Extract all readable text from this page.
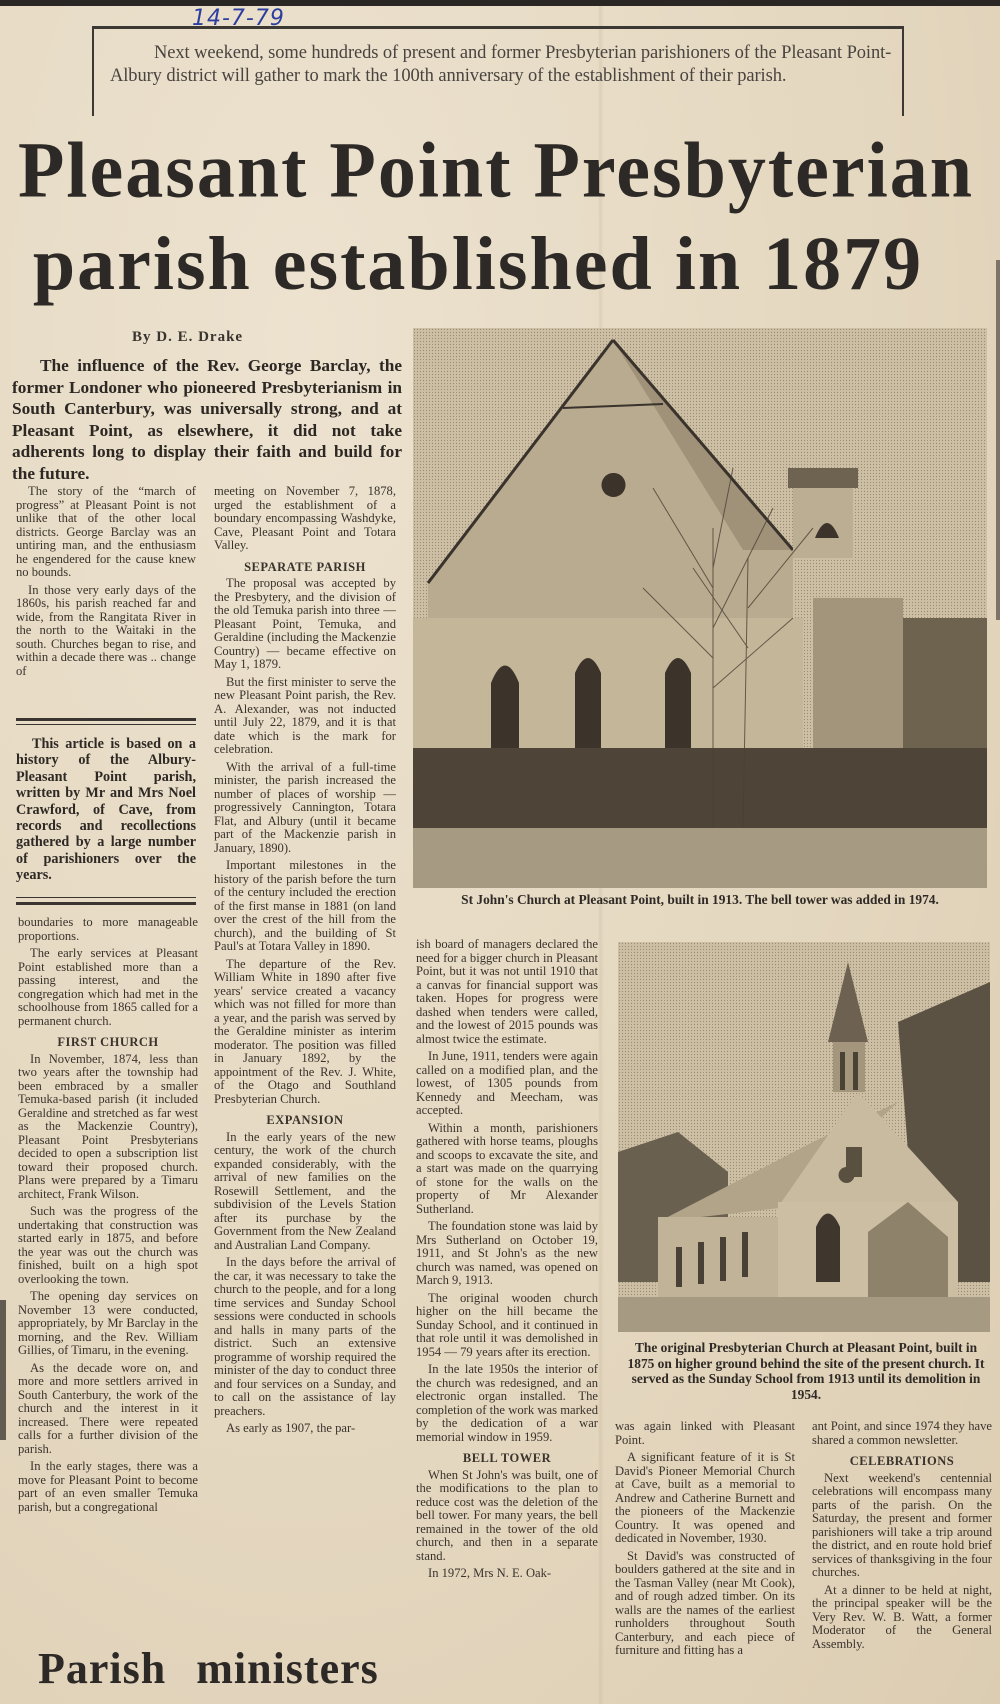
14-7-79
Next weekend, some hundreds of present and former Presbyterian parishioners of the Pleasant Point-Albury district will gather to mark the 100th anniversary of the establishment of their parish.
Pleasant Point Presbyterian
parish established in 1879
By D. E. Drake
The influence of the Rev. George Barclay, the former Londoner who pioneered Presbyterianism in South Canterbury, was universally strong, and at Pleasant Point, as elsewhere, it did not take adherents long to display their faith and build for the future.

The story of the “march of progress” at Pleasant Point is not unlike that of the other local districts. George Barclay was an untiring man, and the enthusiasm he engendered for the cause knew no bounds.

In those very early days of the 1860s, his parish reached far and wide, from the Rangitata River in the north to the Waitaki in the south. Churches began to rise, and within a decade there was .. change of

This article is based on a history of the Albury-Pleasant Point parish, written by Mr and Mrs Noel Crawford, of Cave, from records and recollections gathered by a large number of parishioners over the years.

boundaries to more manageable proportions.

The early services at Pleasant Point established more than a passing interest, and the congregation which had met in the schoolhouse from 1865 called for a permanent church.

FIRST CHURCH

In November, 1874, less than two years after the township had been embraced by a smaller Temuka-based parish (it included Geraldine and stretched as far west as the Mackenzie Country), Pleasant Point Presbyterians decided to open a subscription list toward their proposed church. Plans were prepared by a Timaru architect, Frank Wilson.

Such was the progress of the undertaking that construction was started early in 1875, and before the year was out the church was finished, built on a high spot overlooking the town.

The opening day services on November 13 were conducted, appropriately, by Mr Barclay in the morning, and the Rev. William Gillies, of Timaru, in the evening.

As the decade wore on, and more and more settlers arrived in South Canterbury, the work of the church and the interest in it increased. There were repeated calls for a further division of the parish.

In the early stages, there was a move for Pleasant Point to become part of an even smaller Temuka parish, but a congregational

meeting on November 7, 1878, urged the establishment of a boundary encompassing Washdyke, Cave, Pleasant Point and Totara Valley.

SEPARATE PARISH

The proposal was accepted by the Presbytery, and the division of the old Temuka parish into three — Pleasant Point, Temuka, and Geraldine (including the Mackenzie Country) — became effective on May 1, 1879.

But the first minister to serve the new Pleasant Point parish, the Rev. A. Alexander, was not inducted until July 22, 1879, and it is that date which is the mark for celebration.

With the arrival of a full-time minister, the parish increased the number of places of worship — progressively Cannington, Totara Flat, and Albury (until it became part of the Mackenzie parish in January, 1890).

Important milestones in the history of the parish before the turn of the century included the erection of the first manse in 1881 (on land over the crest of the hill from the church), and the building of St Paul's at Totara Valley in 1890.

The departure of the Rev. William White in 1890 after five years' service created a vacancy which was not filled for more than a year, and the parish was served by the Geraldine minister as interim moderator. The position was filled in January 1892, by the appointment of the Rev. J. White, of the Otago and Southland Presbyterian Church.

EXPANSION

In the early years of the new century, the work of the church expanded considerably, with the arrival of new families on the Rosewill Settlement, and the subdivision of the Levels Station after its purchase by the Government from the New Zealand and Australian Land Company.

In the days before the arrival of the car, it was necessary to take the church to the people, and for a long time services and Sunday School sessions were conducted in schools and halls in many parts of the district. Such an extensive programme of worship required the minister of the day to conduct three and four services on a Sunday, and to call on the assistance of lay preachers.

As early as 1907, the par-

St John's Church at Pleasant Point, built in 1913. The bell tower was added in 1974.

ish board of managers declared the need for a bigger church in Pleasant Point, but it was not until 1910 that a canvas for financial support was taken. Hopes for progress were dashed when tenders were called, and the lowest of 2015 pounds was almost twice the estimate.

In June, 1911, tenders were again called on a modified plan, and the lowest, of 1305 pounds from Kennedy and Meecham, was accepted.

Within a month, parishioners gathered with horse teams, ploughs and scoops to excavate the site, and a start was made on the quarrying of stone for the walls on the property of Mr Alexander Sutherland.

The foundation stone was laid by Mrs Sutherland on October 19, 1911, and St John's as the new church was named, was opened on March 9, 1913.

The original wooden church higher on the hill became the Sunday School, and it continued in that role until it was demolished in 1954 — 79 years after its erection.

In the late 1950s the interior of the church was redesigned, and an electronic organ installed. The completion of the work was marked by the dedication of a war memorial window in 1959.

BELL TOWER

When St John's was built, one of the modifications to the plan to reduce cost was the deletion of the bell tower. For many years, the bell remained in the tower of the old church, and then in a separate stand.

In 1972, Mrs N. E. Oak-

The original Presbyterian Church at Pleasant Point, built in 1875 on higher ground behind the site of the present church. It served as the Sunday School from 1913 until its demolition in 1954.

was again linked with Pleasant Point.

A significant feature of it is St David's Pioneer Memorial Church at Cave, built as a memorial to Andrew and Catherine Burnett and the pioneers of the Mackenzie Country. It was opened and dedicated in November, 1930.

St David's was constructed of boulders gathered at the site and in the Tasman Valley (near Mt Cook), and of rough adzed timber. On its walls are the names of the earliest runholders throughout South Canterbury, and each piece of furniture and fitting has a

ant Point, and since 1974 they have shared a common newsletter.

CELEBRATIONS

Next weekend's centennial celebrations will encompass many parts of the parish. On the Saturday, the present and former parishioners will take a trip around the district, and en route hold brief services of thanksgiving in the four churches.

At a dinner to be held at night, the principal speaker will be the Very Rev. W. B. Watt, a former Moderator of the General Assembly.

Parish ministers
